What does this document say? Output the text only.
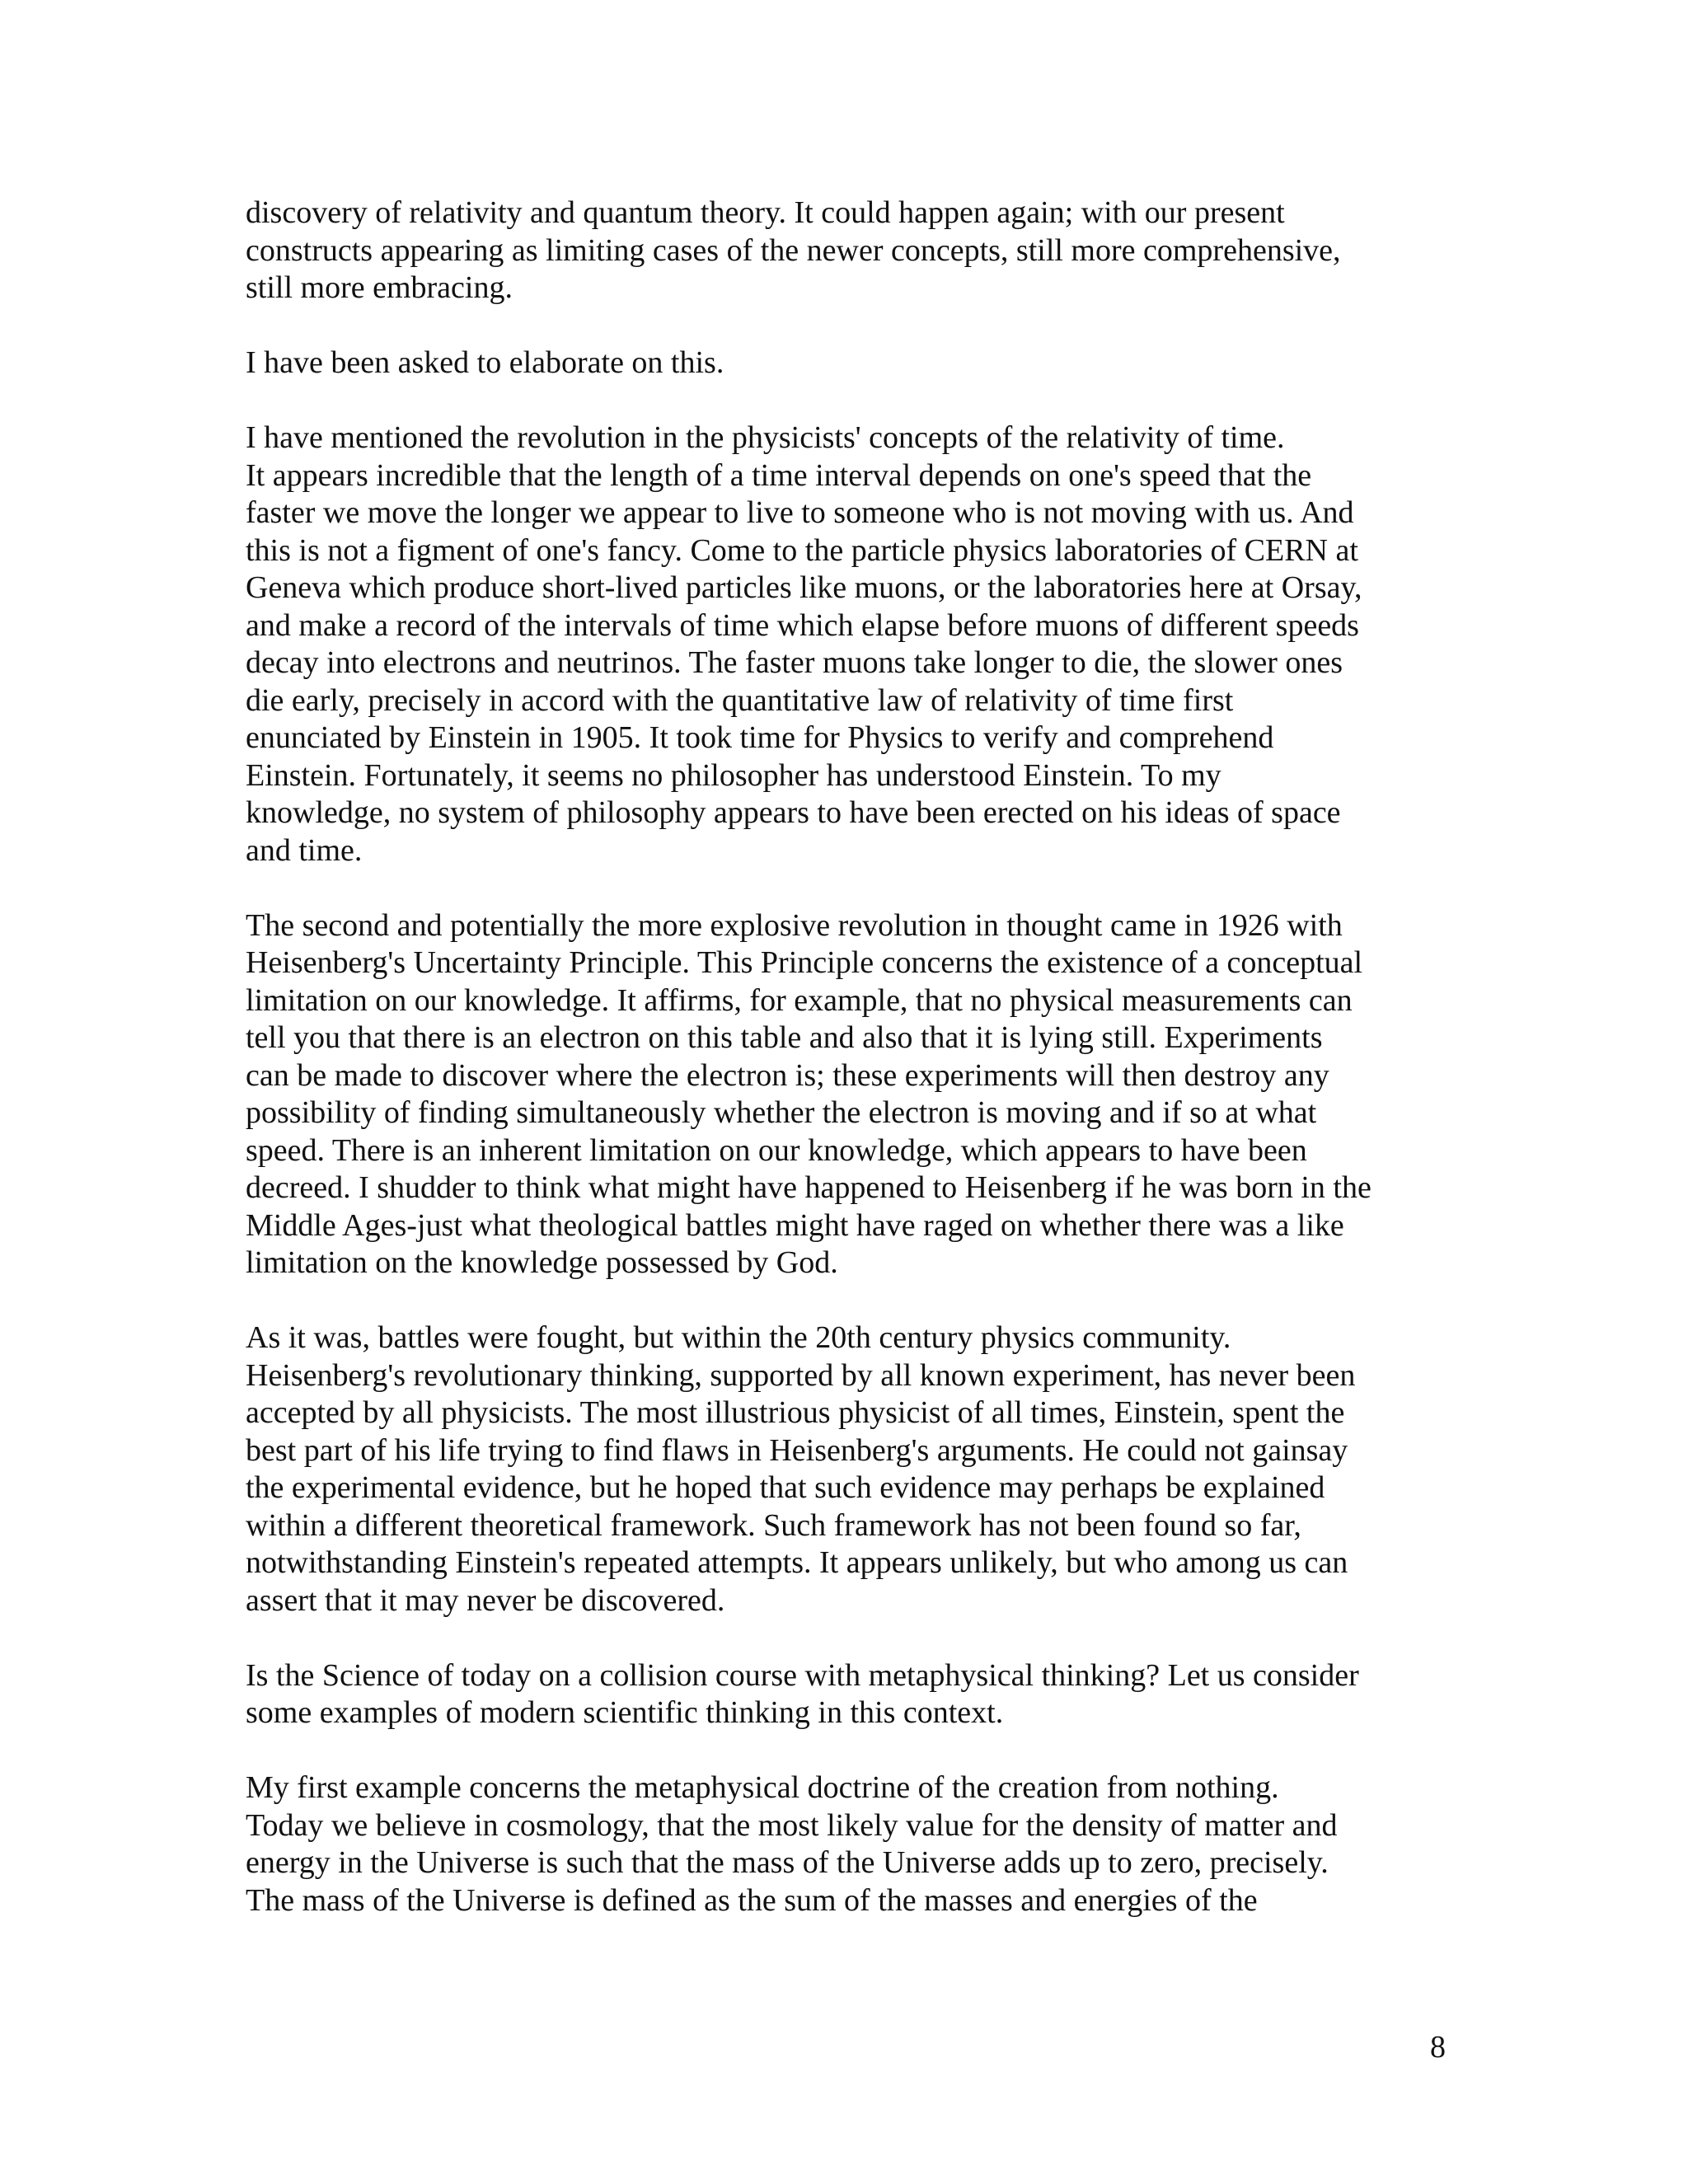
discovery of relativity and quantum theory. It could happen again; with our present
constructs appearing as limiting cases of the newer concepts, still more comprehensive,
still more embracing.
I have been asked to elaborate on this.
I have mentioned the revolution in the physicists' concepts of the relativity of time.
It appears incredible that the length of a time interval depends on one's speed that the
faster we move the longer we appear to live to someone who is not moving with us. And
this is not a figment of one's fancy. Come to the particle physics laboratories of CERN at
Geneva which produce short-lived particles like muons, or the laboratories here at Orsay,
and make a record of the intervals of time which elapse before muons of different speeds
decay into electrons and neutrinos. The faster muons take longer to die, the slower ones
die early, precisely in accord with the quantitative law of relativity of time first
enunciated by Einstein in 1905. It took time for Physics to verify and comprehend
Einstein. Fortunately, it seems no philosopher has understood Einstein. To my
knowledge, no system of philosophy appears to have been erected on his ideas of space
and time.
The second and potentially the more explosive revolution in thought came in 1926 with
Heisenberg's Uncertainty Principle. This Principle concerns the existence of a conceptual
limitation on our knowledge. It affirms, for example, that no physical measurements can
tell you that there is an electron on this table and also that it is lying still. Experiments
can be made to discover where the electron is; these experiments will then destroy any
possibility of finding simultaneously whether the electron is moving and if so at what
speed. There is an inherent limitation on our knowledge, which appears to have been
decreed. I shudder to think what might have happened to Heisenberg if he was born in the
Middle Ages-just what theological battles might have raged on whether there was a like
limitation on the knowledge possessed by God.
As it was, battles were fought, but within the 20th century physics community.
Heisenberg's revolutionary thinking, supported by all known experiment, has never been
accepted by all physicists. The most illustrious physicist of all times, Einstein, spent the
best part of his life trying to find flaws in Heisenberg's arguments. He could not gainsay
the experimental evidence, but he hoped that such evidence may perhaps be explained
within a different theoretical framework. Such framework has not been found so far,
notwithstanding Einstein's repeated attempts. It appears unlikely, but who among us can
assert that it may never be discovered.
Is the Science of today on a collision course with metaphysical thinking? Let us consider
some examples of modern scientific thinking in this context.
My first example concerns the metaphysical doctrine of the creation from nothing.
Today we believe in cosmology, that the most likely value for the density of matter and
energy in the Universe is such that the mass of the Universe adds up to zero, precisely.
The mass of the Universe is defined as the sum of the masses and energies of the
8
